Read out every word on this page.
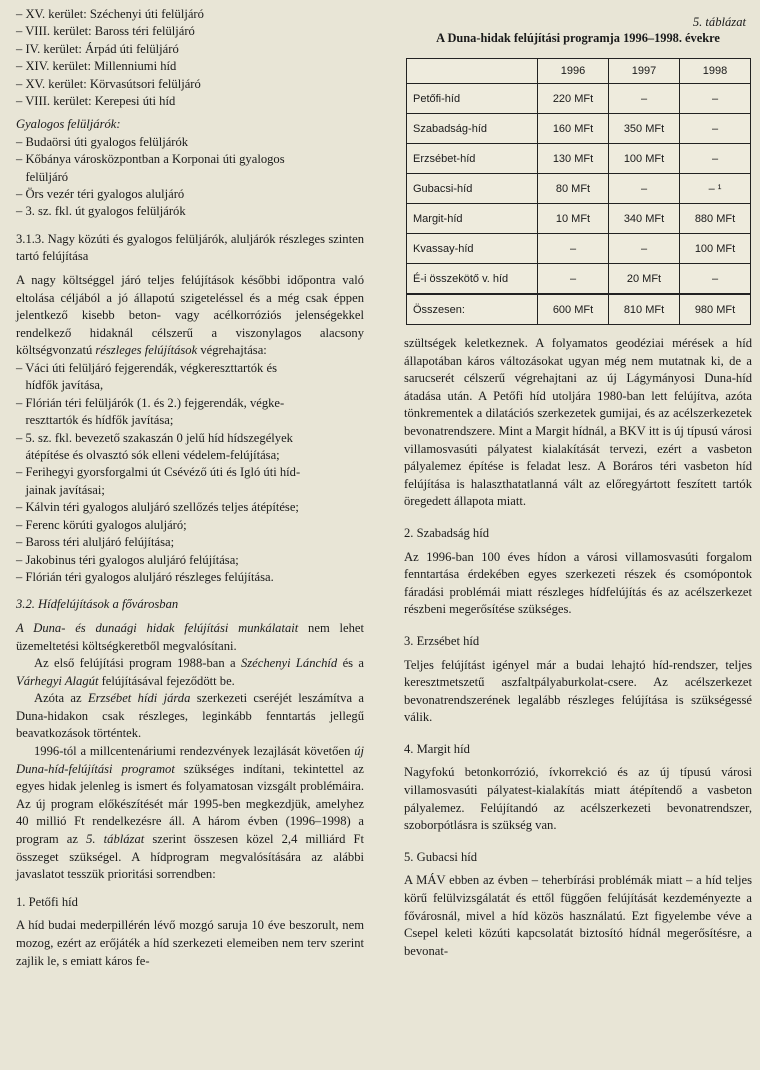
– XV. kerület: Széchenyi úti felüljáró
– VIII. kerület: Baross téri felüljáró
– IV. kerület: Árpád úti felüljáró
– XIV. kerület: Millenniumi híd
– XV. kerület: Körvasútsori felüljáró
– VIII. kerület: Kerepesi úti híd
Gyalogos felüljárók:
– Budaörsi úti gyalogos felüljárók
– Kőbánya városközpontban a Korponai úti gyalogos
felüljáró
– Örs vezér téri gyalogos aluljáró
– 3. sz. fkl. út gyalogos felüljárók

3.1.3. Nagy közúti és gyalogos felüljárók, aluljárók részleges szinten tartó felújítása

A nagy költséggel járó teljes felújítások későbbi időpontra való eltolása céljából a jó állapotú szigeteléssel és a még csak éppen jelentkező kisebb beton- vagy acélkorróziós jelenségekkel rendelkező hidaknál célszerű a viszonylagos alacsony költségvonzatú részleges felújítások végrehajtása:

– Váci úti felüljáró fejgerendák, végkereszttartók és
hídfők javítása,
– Flórián téri felüljárók (1. és 2.) fejgerendák, végke-
reszttartók és hídfők javítása;
– 5. sz. fkl. bevezető szakaszán 0 jelű híd hídszegélyek
átépítése és olvasztó sók elleni védelem-felújítása;
– Ferihegyi gyorsforgalmi út Csévéző úti és Igló úti híd-
jainak javításai;
– Kálvin téri gyalogos aluljáró szellőzés teljes átépítése;
– Ferenc körúti gyalogos aluljáró;
– Baross téri aluljáró felújítása;
– Jakobinus téri gyalogos aluljáró felújítása;
– Flórián téri gyalogos aluljáró részleges felújítása.

3.2. Hídfelújítások a fővárosban

A Duna- és dunaági hidak felújítási munkálatait nem lehet üzemeltetési költségkeretből megvalósítani.

Az első felújítási program 1988-ban a Széchenyi Lánchíd és a Várhegyi Alagút felújításával fejeződött be.

Azóta az Erzsébet hídi járda szerkezeti cseréjét leszámítva a Duna-hidakon csak részleges, leginkább fenntartás jellegű beavatkozások történtek.

1996-tól a millcentenáriumi rendezvények lezajlását követően új Duna-híd-felújítási programot szükséges indítani, tekintettel az egyes hidak jelenleg is ismert és folyamatosan vizsgált problémáira. Az új program előkészítését már 1995-ben megkezdjük, amelyhez 40 millió Ft rendelkezésre áll. A három évben (1996–1998) a program az 5. táblázat szerint összesen közel 2,4 milliárd Ft összeget szükségel. A hídprogram megvalósítására az alábbi javaslatot tesszük prioritási sorrendben:

1. Petőfi híd

A híd budai mederpillérén lévő mozgó saruja 10 éve beszorult, nem mozog, ezért az erőjáték a híd szerkezeti elemeiben nem terv szerint zajlik le, s emiatt káros fe-

5. táblázat
A Duna-hidak felújítási programja 1996–1998. évekre
	1996	1997	1998
Petőfi-híd	220 MFt	–	–
Szabadság-híd	160 MFt	350 MFt	–
Erzsébet-híd	130 MFt	100 MFt	–
Gubacsi-híd	80 MFt	–	– ¹
Margit-híd	10 MFt	340 MFt	880 MFt
Kvassay-híd	–	–	100 MFt
É-i összekötő v. híd	–	20 MFt	–
Összesen:	600 MFt	810 MFt	980 MFt

szültségek keletkeznek. A folyamatos geodéziai mérések a híd állapotában káros változásokat ugyan még nem mutatnak ki, de a sarucserét célszerű végrehajtani az új Lágymányosi Duna-híd átadása után. A Petőfi híd utoljára 1980-ban lett felújítva, azóta tönkrementek a dilatációs szerkezetek gumijai, és az acélszerkezetek bevonatrendszere. Mint a Margit hídnál, a BKV itt is új típusú városi villamosvasúti pályatest kialakítását tervezi, ezért a vasbeton pályalemez építése is feladat lesz. A Boráros téri vasbeton híd felújítása is halaszthatatlanná vált az előregyártott feszített tartók öregedett állapota miatt.

2. Szabadság híd

Az 1996-ban 100 éves hídon a városi villamosvasúti forgalom fenntartása érdekében egyes szerkezeti részek és csomópontok fáradási problémái miatt részleges hídfelújítás és az acélszerkezet részbeni megerősítése szükséges.

3. Erzsébet híd

Teljes felújítást igényel már a budai lehajtó híd-rendszer, teljes keresztmetszetű aszfaltpályaburkolat-csere. Az acélszerkezet bevonatrendszerének legalább részleges felújítása is szükségessé válik.

4. Margit híd

Nagyfokú betonkorrózió, ívkorrekció és az új típusú városi villamosvasúti pályatest-kialakítás miatt átépítendő a vasbeton pályalemez. Felújítandó az acélszerkezeti bevonatrendszer, szoborpótlásra is szükség van.

5. Gubacsi híd

A MÁV ebben az évben – teherbírási problémák miatt – a híd teljes körű felülvizsgálatát és ettől függően felújítását kezdeményezte a fővárosnál, mivel a híd közös használatú. Ezt figyelembe véve a Csepel keleti közúti kapcsolatát biztosító hídnál megerősítésre, a bevonat-
